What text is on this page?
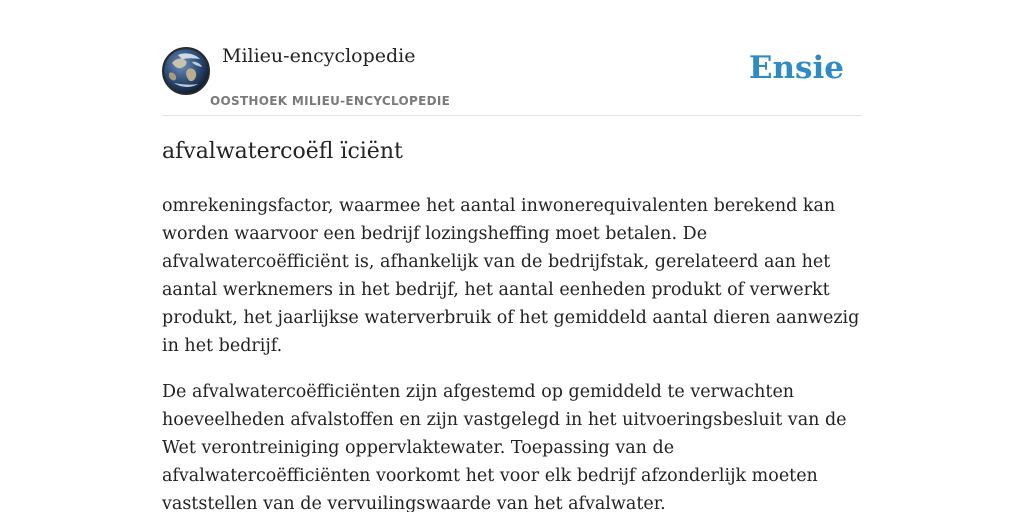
Milieu-encyclopedie
OOSTHOEK MILIEU-ENCYCLOPEDIE
Ensie
afvalwatercoëfl ïciënt

omrekeningsfactor, waarmee het aantal inwonerequivalenten berekend kan worden waarvoor een bedrijf lozingsheffing moet betalen. De afvalwatercoëfficiënt is, afhankelijk van de bedrijfstak, gerelateerd aan het aantal werknemers in het bedrijf, het aantal eenheden produkt of verwerkt produkt, het jaarlijkse waterverbruik of het gemiddeld aantal dieren aanwezig in het bedrijf.

De afvalwatercoëfficiënten zijn afgestemd op gemiddeld te verwachten hoeveelheden afvalstoffen en zijn vastgelegd in het uitvoeringsbesluit van de Wet verontreiniging oppervlaktewater. Toepassing van de afvalwatercoëfficiënten voorkomt het voor elk bedrijf afzonderlijk moeten vaststellen van de vervuilingswaarde van het afvalwater.
